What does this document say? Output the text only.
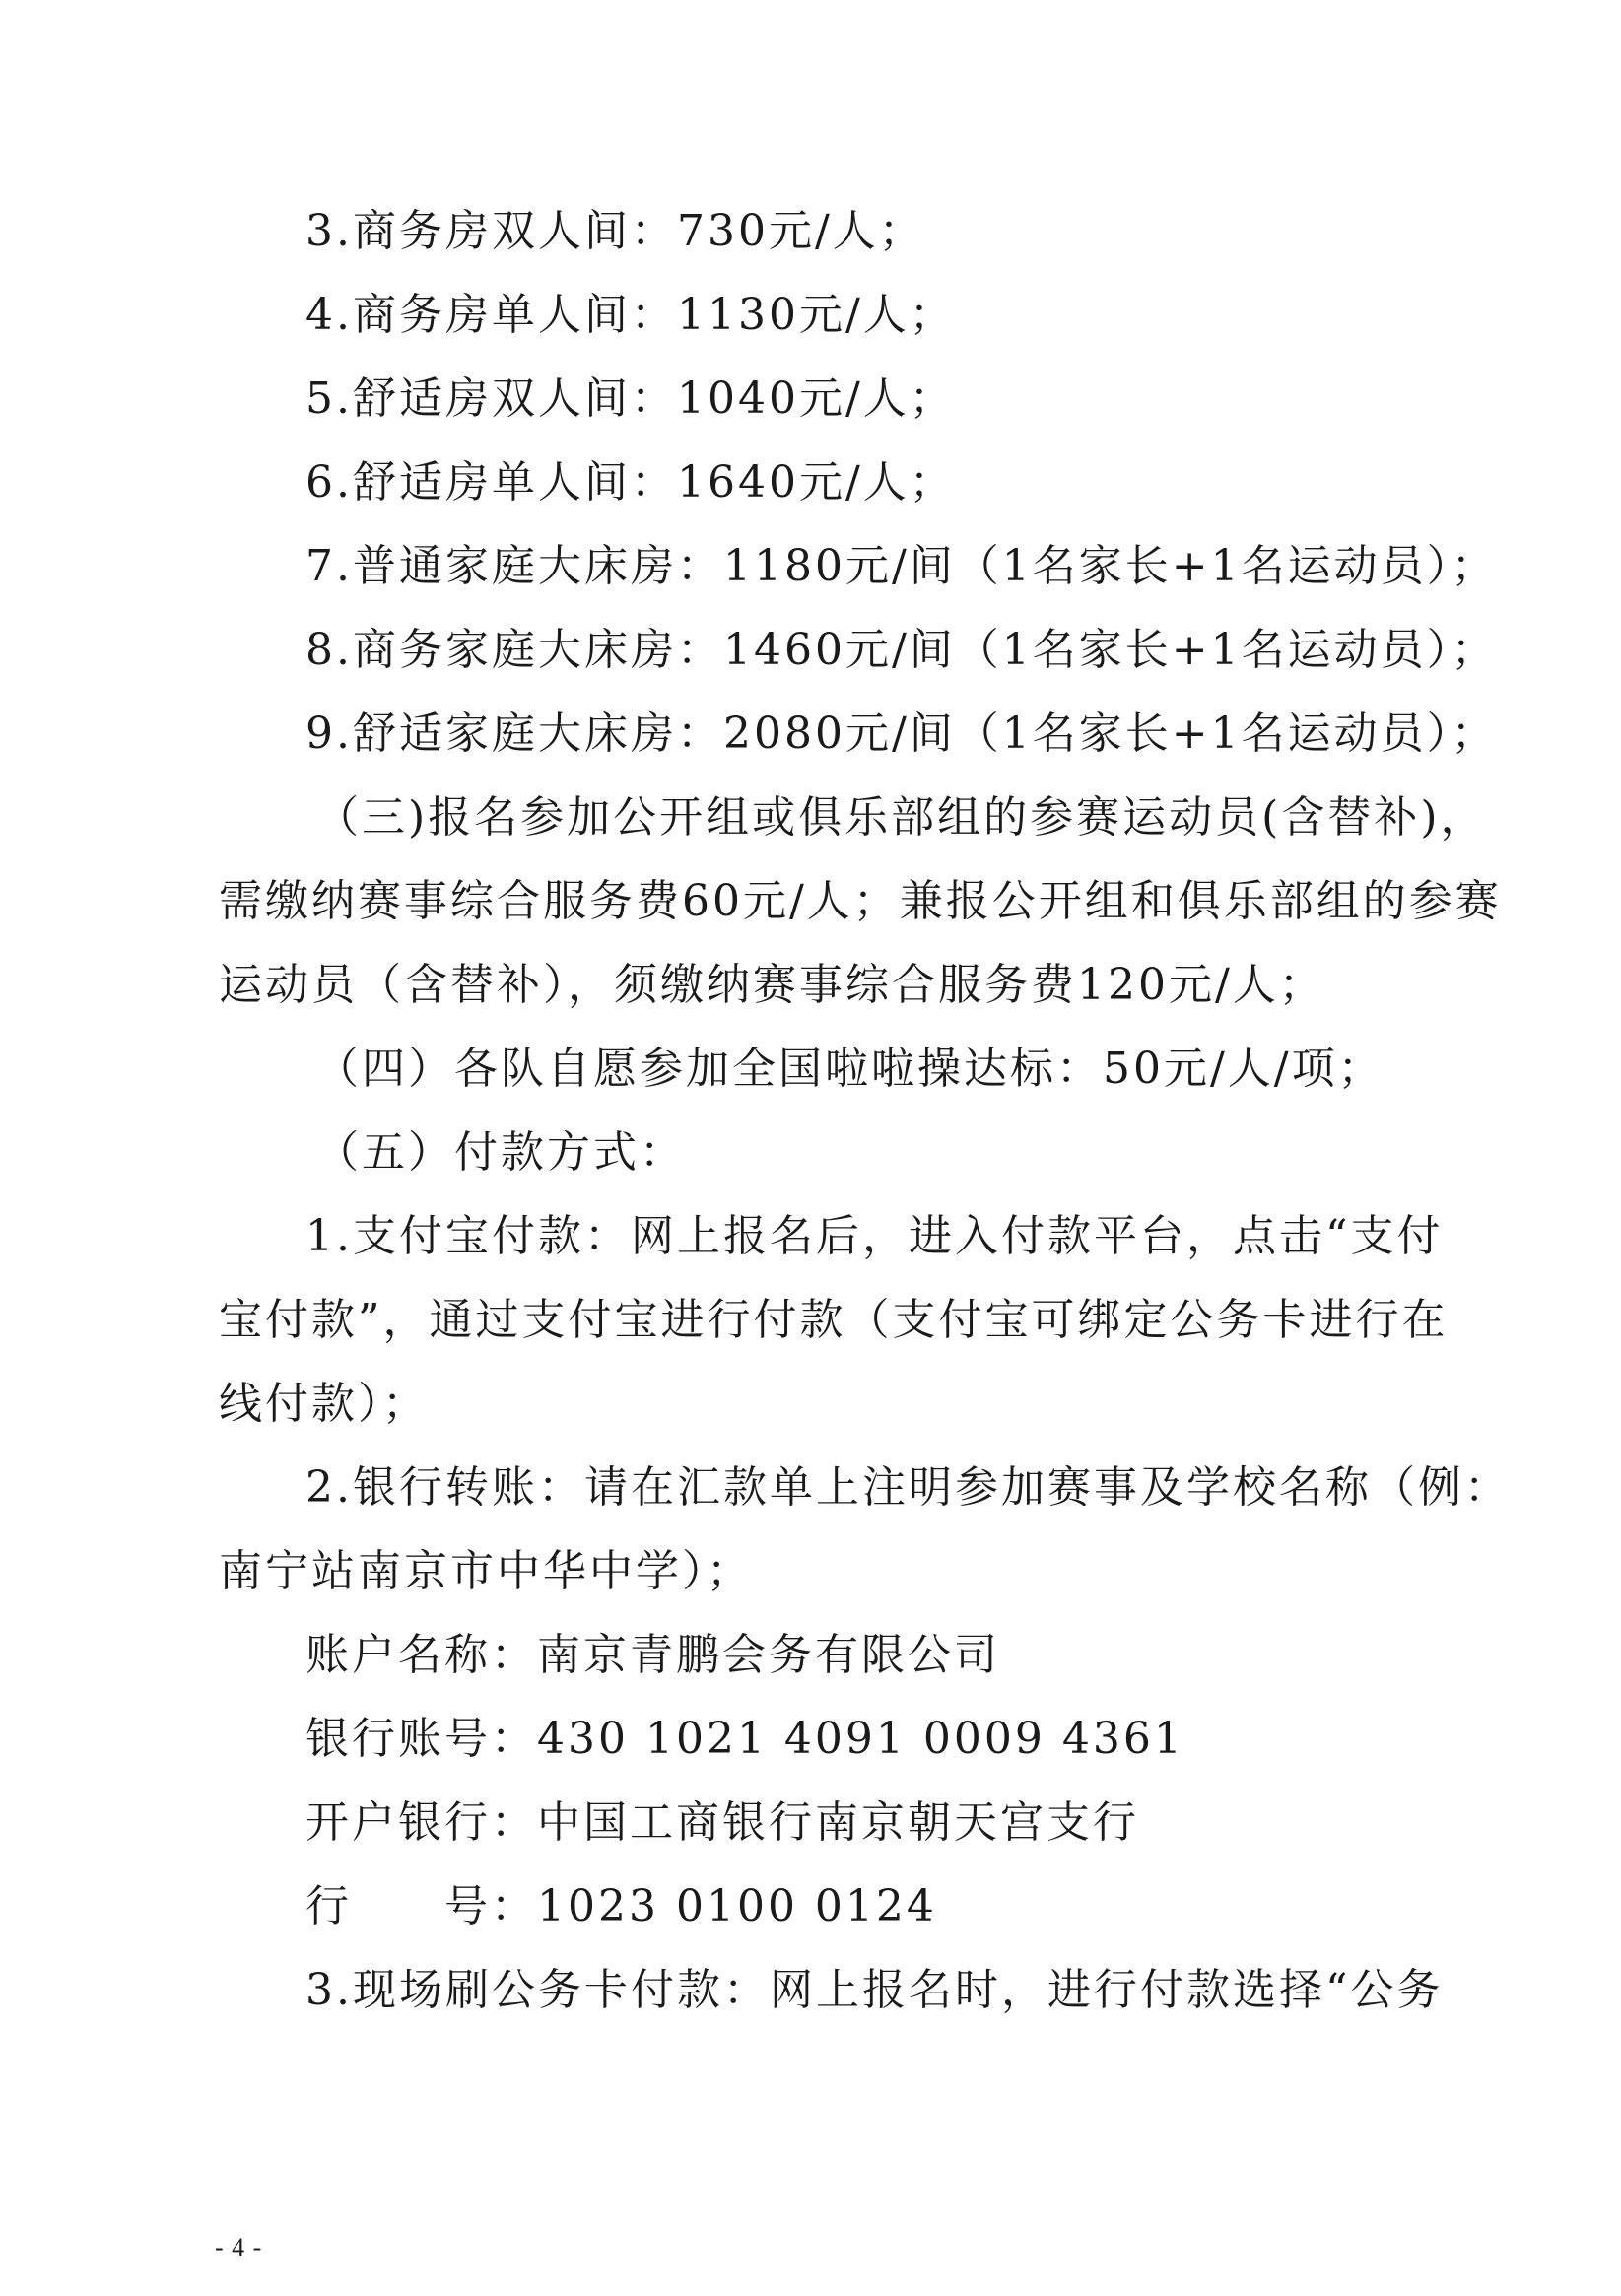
3.商务房双人间：730元/人；
4.商务房单人间：1130元/人；
5.舒适房双人间：1040元/人；
6.舒适房单人间：1640元/人；
7.普通家庭大床房：1180元/间（1名家长+1名运动员）；
8.商务家庭大床房：1460元/间（1名家长+1名运动员）；
9.舒适家庭大床房：2080元/间（1名家长+1名运动员）；
（三)报名参加公开组或俱乐部组的参赛运动员(含替补)，
需缴纳赛事综合服务费60元/人；兼报公开组和俱乐部组的参赛
运动员（含替补），须缴纳赛事综合服务费120元/人；
（四）各队自愿参加全国啦啦操达标：50元/人/项；
（五）付款方式：
1.支付宝付款：网上报名后，进入付款平台，点击“支付
宝付款”，通过支付宝进行付款（支付宝可绑定公务卡进行在
线付款）；
2.银行转账：请在汇款单上注明参加赛事及学校名称（例：
南宁站南京市中华中学）；
账户名称：南京青鹏会务有限公司
银行账号：430 1021 4091 0009 4361
开户银行：中国工商银行南京朝天宫支行
行　　号：1023 0100 0124
3.现场刷公务卡付款：网上报名时，进行付款选择“公务
- 4 -
